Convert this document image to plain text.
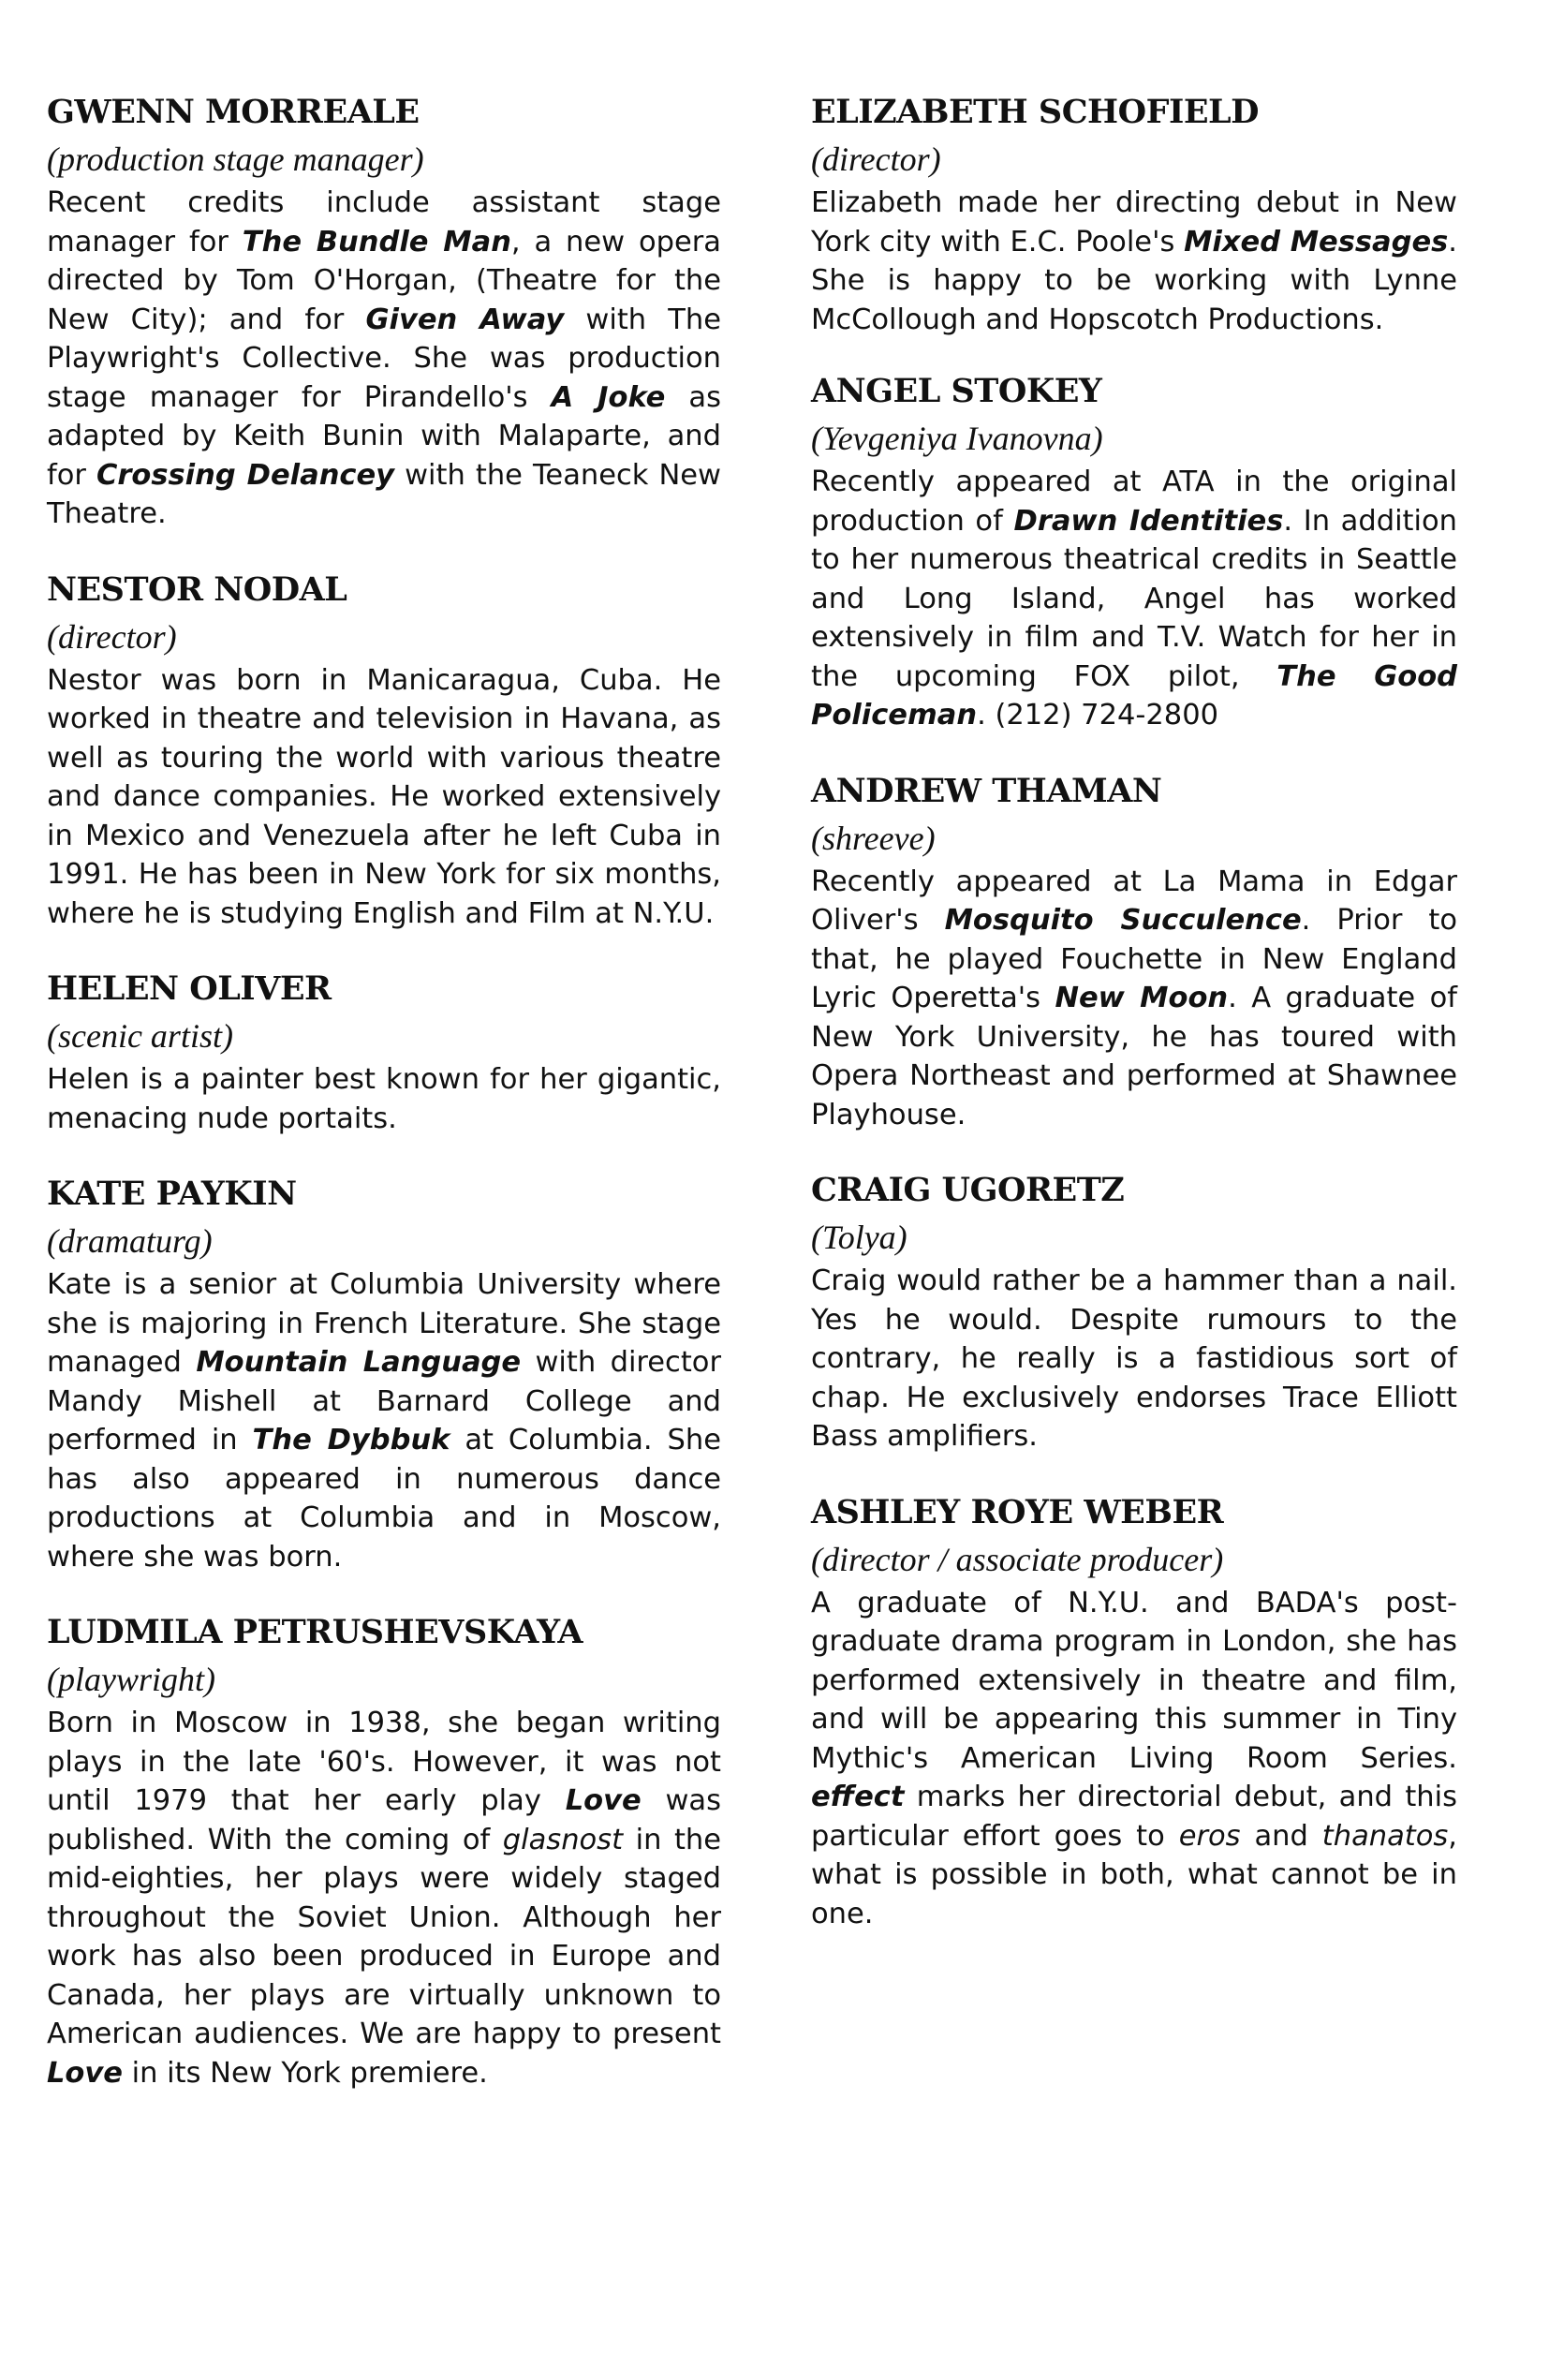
GWENN MORREALE
(production stage manager)

Recent credits include assistant stage manager for The Bundle Man, a new opera directed by Tom O'Horgan, (Theatre for the New City); and for Given Away with The Playwright's Collective. She was production stage manager for Pirandello's A Joke as adapted by Keith Bunin with Malaparte, and for Crossing Delancey with the Teaneck New Theatre.

NESTOR NODAL
(director)

Nestor was born in Manicaragua, Cuba. He worked in theatre and television in Havana, as well as touring the world with various theatre and dance companies. He worked extensively in Mexico and Venezuela after he left Cuba in 1991. He has been in New York for six months, where he is studying English and Film at N.Y.U.

HELEN OLIVER
(scenic artist)

Helen is a painter best known for her gigantic, menacing nude portaits.

KATE PAYKIN
(dramaturg)

Kate is a senior at Columbia University where she is majoring in French Literature. She stage managed Mountain Language with director Mandy Mishell at Barnard College and performed in The Dybbuk at Columbia. She has also appeared in numerous dance productions at Columbia and in Moscow, where she was born.

LUDMILA PETRUSHEVSKAYA
(playwright)

Born in Moscow in 1938, she began writing plays in the late '60's. However, it was not until 1979 that her early play Love was published. With the coming of glasnost in the mid-eighties, her plays were widely staged throughout the Soviet Union. Although her work has also been produced in Europe and Canada, her plays are virtually unknown to American audiences. We are happy to present Love in its New York premiere.

ELIZABETH SCHOFIELD
(director)

Elizabeth made her directing debut in New York city with E.C. Poole's Mixed Messages. She is happy to be working with Lynne McCollough and Hopscotch Productions.

ANGEL STOKEY
(Yevgeniya Ivanovna)

Recently appeared at ATA in the original production of Drawn Identities. In addition to her numerous theatrical credits in Seattle and Long Island, Angel has worked extensively in film and T.V. Watch for her in the upcoming FOX pilot, The Good Policeman. (212) 724-2800

ANDREW THAMAN
(shreeve)

Recently appeared at La Mama in Edgar Oliver's Mosquito Succulence. Prior to that, he played Fouchette in New England Lyric Operetta's New Moon. A graduate of New York University, he has toured with Opera Northeast and performed at Shawnee Playhouse.

CRAIG UGORETZ
(Tolya)

Craig would rather be a hammer than a nail. Yes he would. Despite rumours to the contrary, he really is a fastidious sort of chap. He exclusively endorses Trace Elliott Bass amplifiers.

ASHLEY ROYE WEBER
(director / associate producer)

A graduate of N.Y.U. and BADA's post-graduate drama program in London, she has performed extensively in theatre and film, and will be appearing this summer in Tiny Mythic's American Living Room Series. effect marks her directorial debut, and this particular effort goes to eros and thanatos, what is possible in both, what cannot be in one.
